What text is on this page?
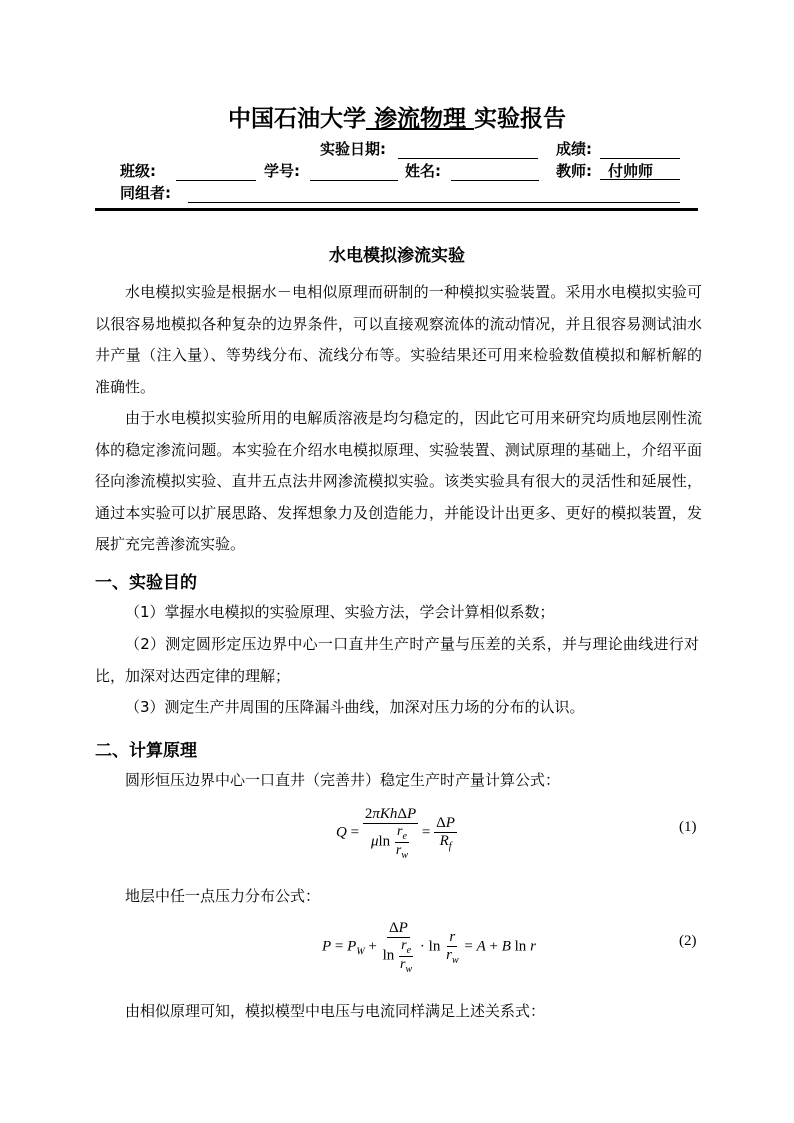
中国石油大学 渗流物理 实验报告
实验日期:	成绩:
班级:	学号:	姓名:	教师:	付帅师
同组者:
水电模拟渗流实验

水电模拟实验是根据水－电相似原理而研制的一种模拟实验装置。采用水电模拟实验可以很容易地模拟各种复杂的边界条件，可以直接观察流体的流动情况，并且很容易测试油水井产量（注入量）、等势线分布、流线分布等。实验结果还可用来检验数值模拟和解析解的准确性。

由于水电模拟实验所用的电解质溶液是均匀稳定的，因此它可用来研究均质地层刚性流体的稳定渗流问题。本实验在介绍水电模拟原理、实验装置、测试原理的基础上，介绍平面径向渗流模拟实验、直井五点法井网渗流模拟实验。该类实验具有很大的灵活性和延展性，通过本实验可以扩展思路、发挥想象力及创造能力，并能设计出更多、更好的模拟装置，发展扩充完善渗流实验。

一、实验目的
（1）掌握水电模拟的实验原理、实验方法，学会计算相似系数；
（2）测定圆形定压边界中心一口直井生产时产量与压差的关系，并与理论曲线进行对比，加深对达西定律的理解；
（3）测定生产井周围的压降漏斗曲线，加深对压力场的分布的认识。
二、计算原理
圆形恒压边界中心一口直井（完善井）稳定生产时产量计算公式：
$Q = \frac{\text{2πKhΔP}}{\mu\ln \frac{r_e}{r_w}} = \frac{\Delta P}{R_f}$	(1)
地层中任一点压力分布公式：
$P = P_W + \frac{\Delta P}{\ln \frac{r_e}{r_w}} \cdot \ln \frac{r}{r_w} = A + B$ ln r	(2)
由相似原理可知，模拟模型中电压与电流同样满足上述关系式：
